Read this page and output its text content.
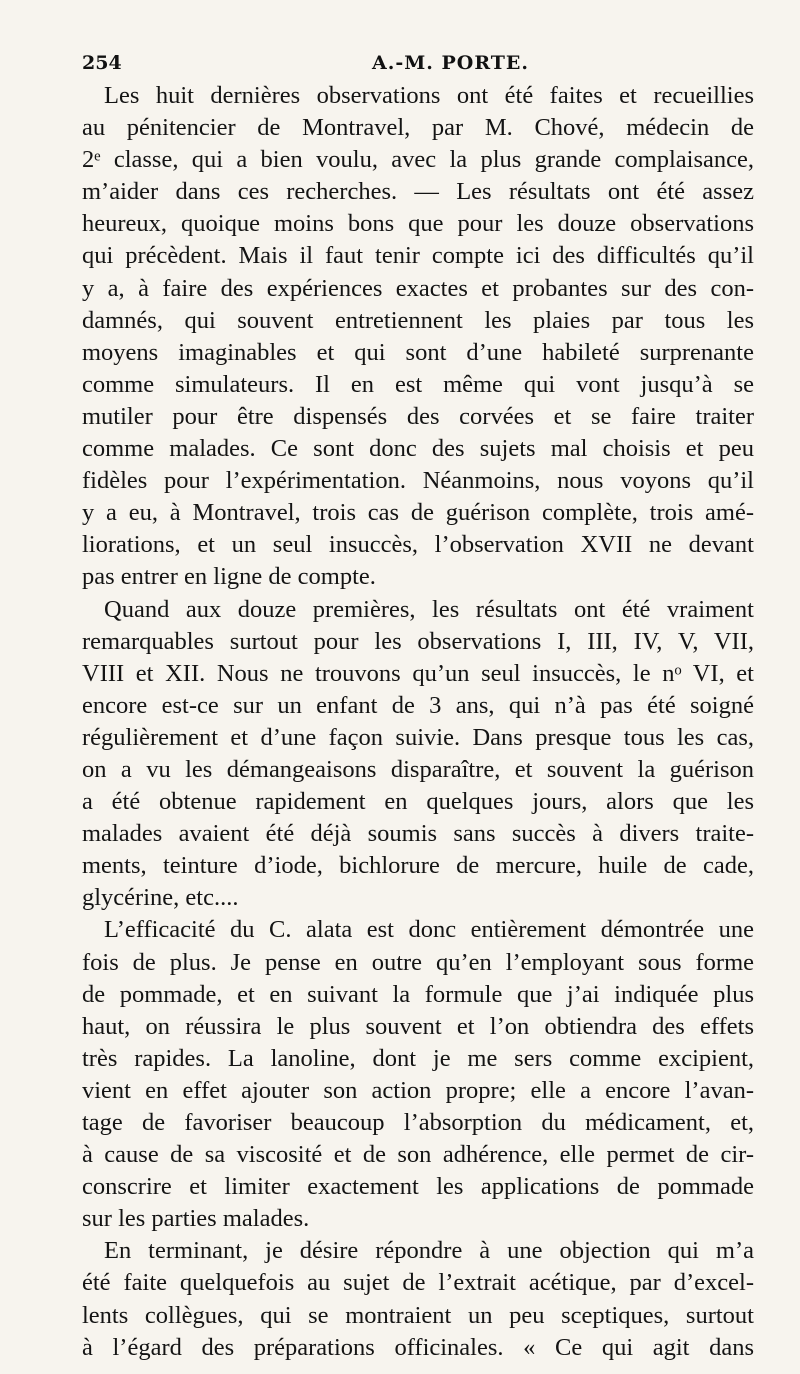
254	A.-M. PORTE.
Les huit dernières observations ont été faites et recueillies
au pénitencier de Montravel, par M. Chové, médecin de
2ᵉ classe, qui a bien voulu, avec la plus grande complaisance,
m’aider dans ces recherches. — Les résultats ont été assez
heureux, quoique moins bons que pour les douze observations
qui précèdent. Mais il faut tenir compte ici des difficultés qu’il
y a, à faire des expériences exactes et probantes sur des con-
damnés, qui souvent entretiennent les plaies par tous les
moyens imaginables et qui sont d’une habileté surprenante
comme simulateurs. Il en est même qui vont jusqu’à se
mutiler pour être dispensés des corvées et se faire traiter
comme malades. Ce sont donc des sujets mal choisis et peu
fidèles pour l’expérimentation. Néanmoins, nous voyons qu’il
y a eu, à Montravel, trois cas de guérison complète, trois amé-
liorations, et un seul insuccès, l’observation XVII ne devant
pas entrer en ligne de compte.
Quand aux douze premières, les résultats ont été vraiment
remarquables surtout pour les observations I, III, IV, V, VII,
VIII et XII. Nous ne trouvons qu’un seul insuccès, le nᵒ VI, et
encore est-ce sur un enfant de 3 ans, qui n’à pas été soigné
régulièrement et d’une façon suivie. Dans presque tous les cas,
on a vu les démangeaisons disparaître, et souvent la guérison
a été obtenue rapidement en quelques jours, alors que les
malades avaient été déjà soumis sans succès à divers traite-
ments, teinture d’iode, bichlorure de mercure, huile de cade,
glycérine, etc....
L’efficacité du C. alata est donc entièrement démontrée une
fois de plus. Je pense en outre qu’en l’employant sous forme
de pommade, et en suivant la formule que j’ai indiquée plus
haut, on réussira le plus souvent et l’on obtiendra des effets
très rapides. La lanoline, dont je me sers comme excipient,
vient en effet ajouter son action propre; elle a encore l’avan-
tage de favoriser beaucoup l’absorption du médicament, et,
à cause de sa viscosité et de son adhérence, elle permet de cir-
conscrire et limiter exactement les applications de pommade
sur les parties malades.
En terminant, je désire répondre à une objection qui m’a
été faite quelquefois au sujet de l’extrait acétique, par d’excel-
lents collègues, qui se montraient un peu sceptiques, surtout
à l’égard des préparations officinales. « Ce qui agit dans
